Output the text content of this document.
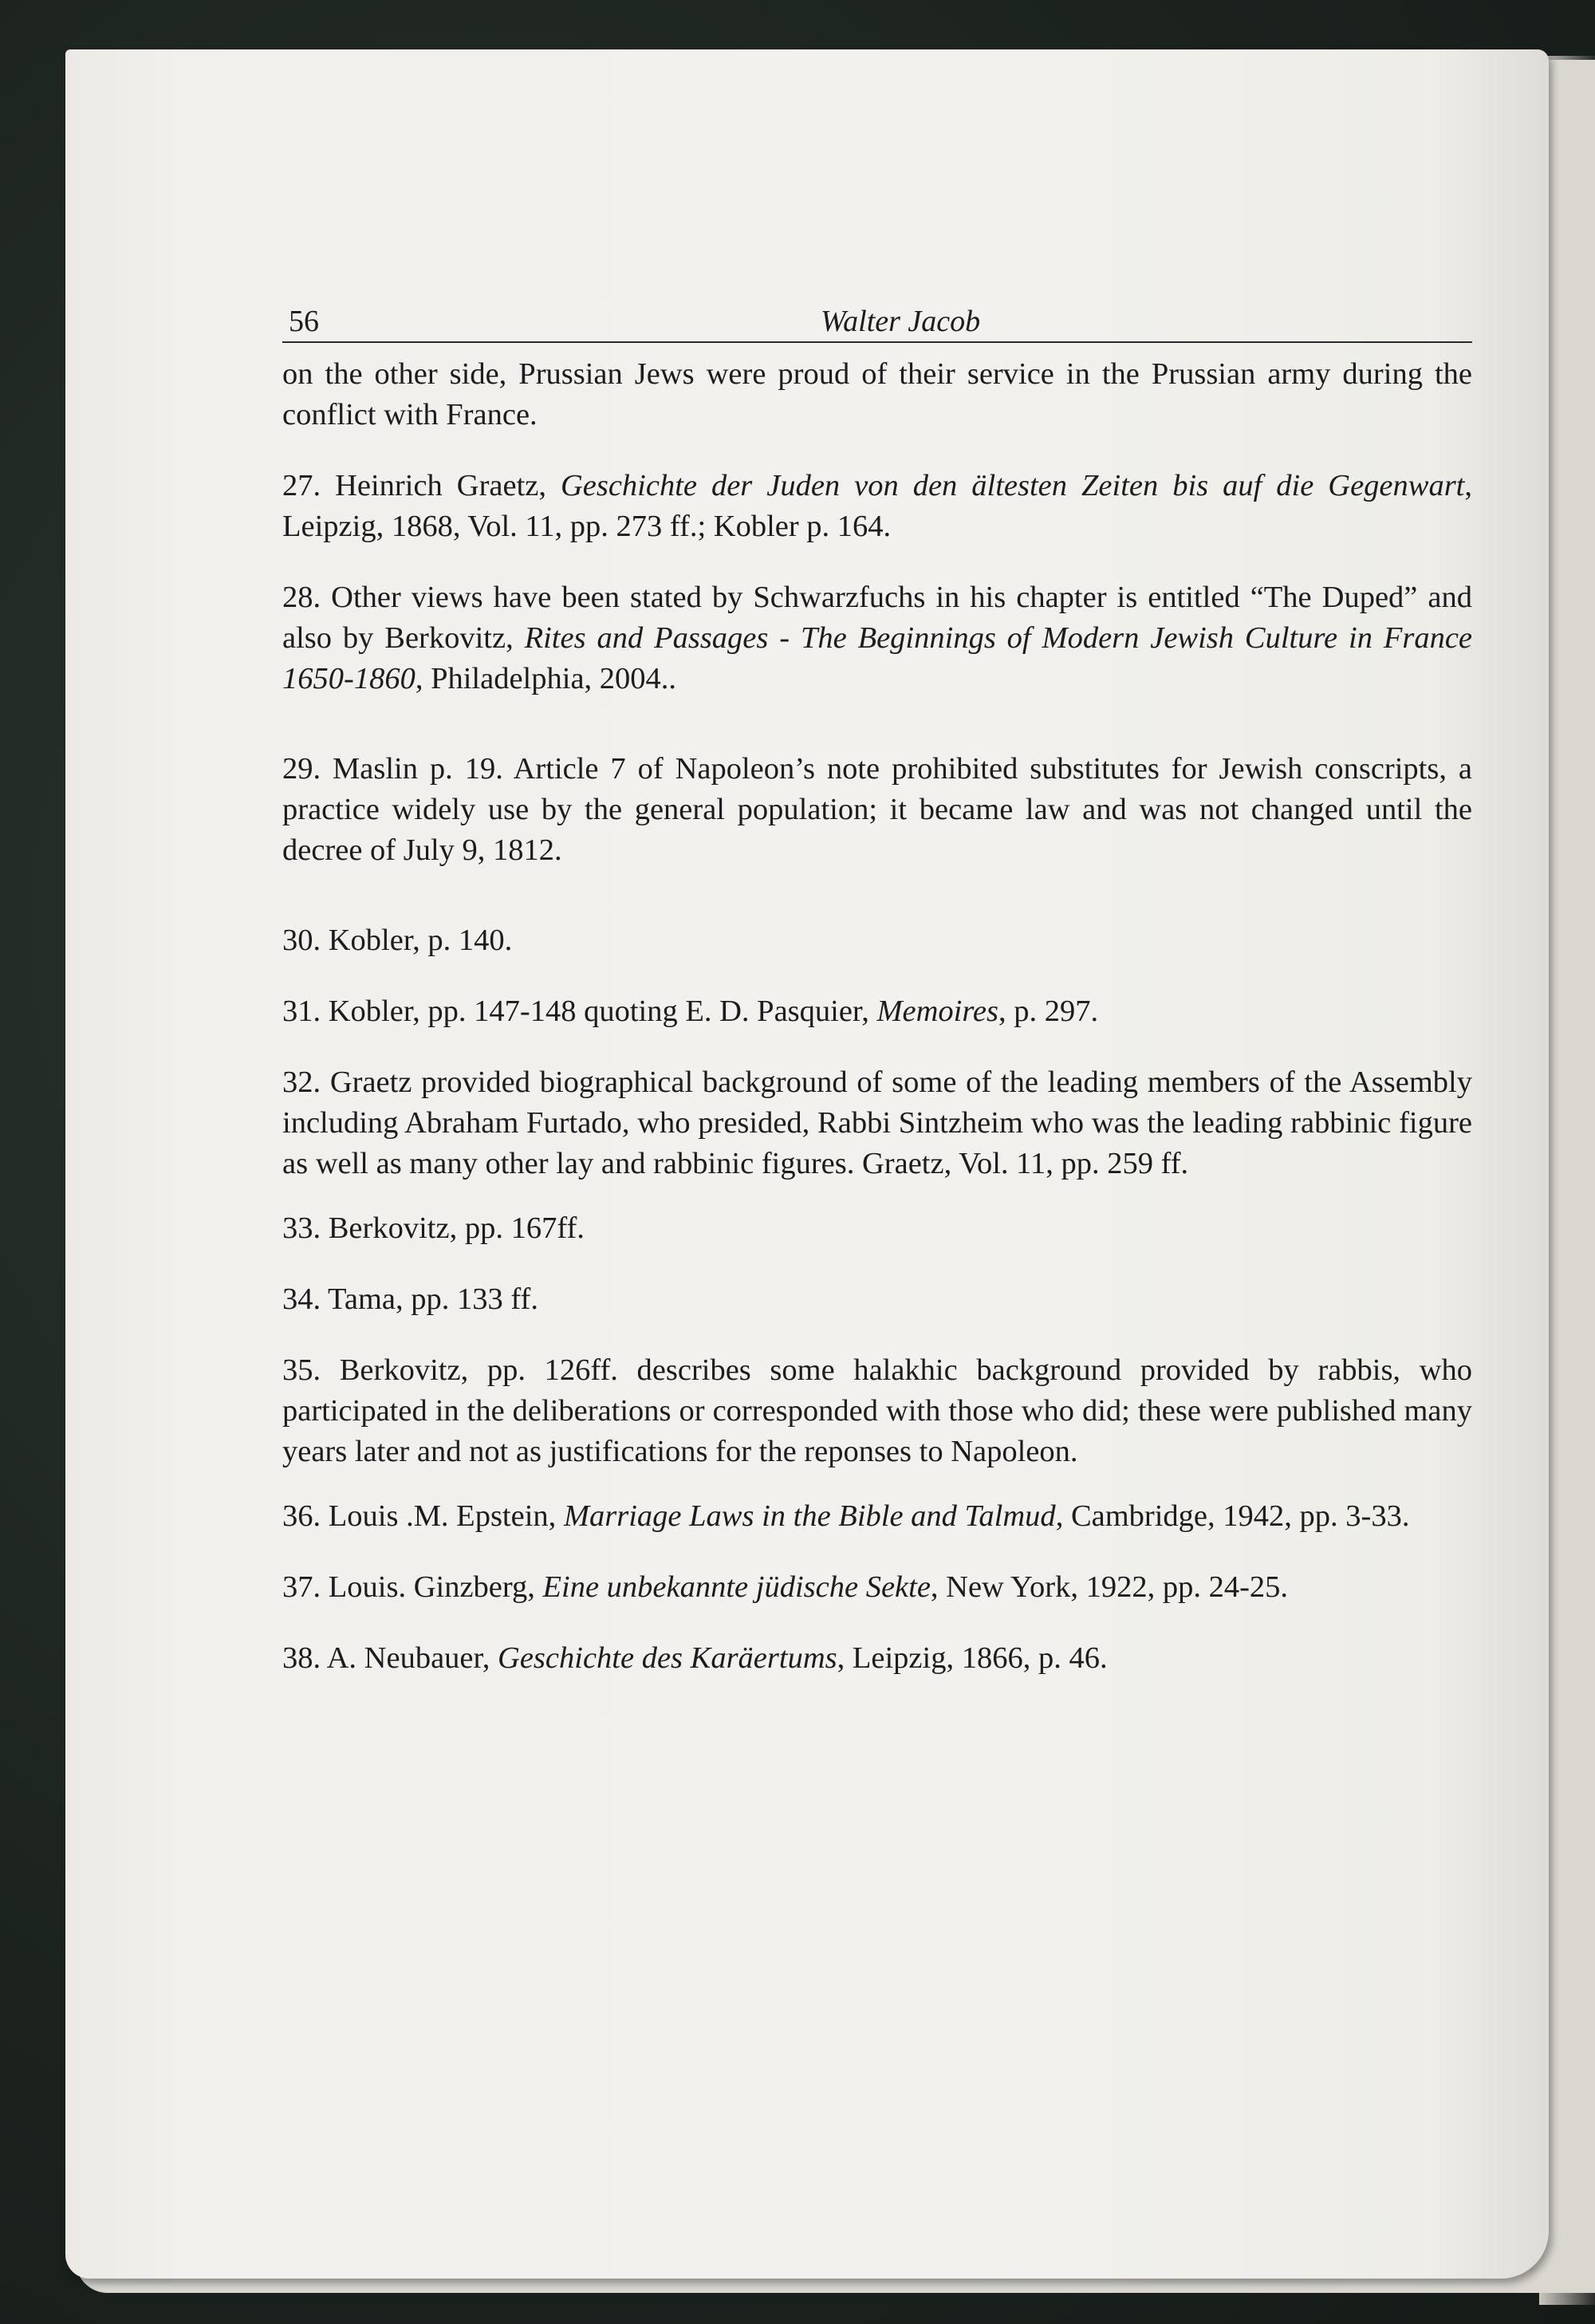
56	Walter Jacob

on the other side, Prussian Jews were proud of their service in the Prussian army during the conflict with France.

27. Heinrich Graetz, Geschichte der Juden von den ältesten Zeiten bis auf die Gegenwart, Leipzig, 1868, Vol. 11, pp. 273 ff.; Kobler p. 164.

28. Other views have been stated by Schwarzfuchs in his chapter is entitled “The Duped” and also by Berkovitz, Rites and Passages - The Beginnings of Modern Jewish Culture in France 1650-1860, Philadelphia, 2004..

29. Maslin p. 19. Article 7 of Napoleon’s note prohibited substitutes for Jewish conscripts, a practice widely use by the general population; it became law and was not changed until the decree of July 9, 1812.

30. Kobler, p. 140.

31. Kobler, pp. 147-148 quoting E. D. Pasquier, Memoires, p. 297.

32. Graetz provided biographical background of some of the leading members of the Assembly including Abraham Furtado, who presided, Rabbi Sintzheim who was the leading rabbinic figure as well as many other lay and rabbinic figures. Graetz, Vol. 11, pp. 259 ff.

33. Berkovitz, pp. 167ff.

34. Tama, pp. 133 ff.

35. Berkovitz, pp. 126ff. describes some halakhic background provided by rabbis, who participated in the deliberations or corresponded with those who did; these were published many years later and not as justifications for the reponses to Napoleon.

36. Louis .M. Epstein, Marriage Laws in the Bible and Talmud, Cambridge, 1942, pp. 3-33.

37. Louis. Ginzberg, Eine unbekannte jüdische Sekte, New York, 1922, pp. 24-25.

38. A. Neubauer, Geschichte des Karäertums, Leipzig, 1866, p. 46.
